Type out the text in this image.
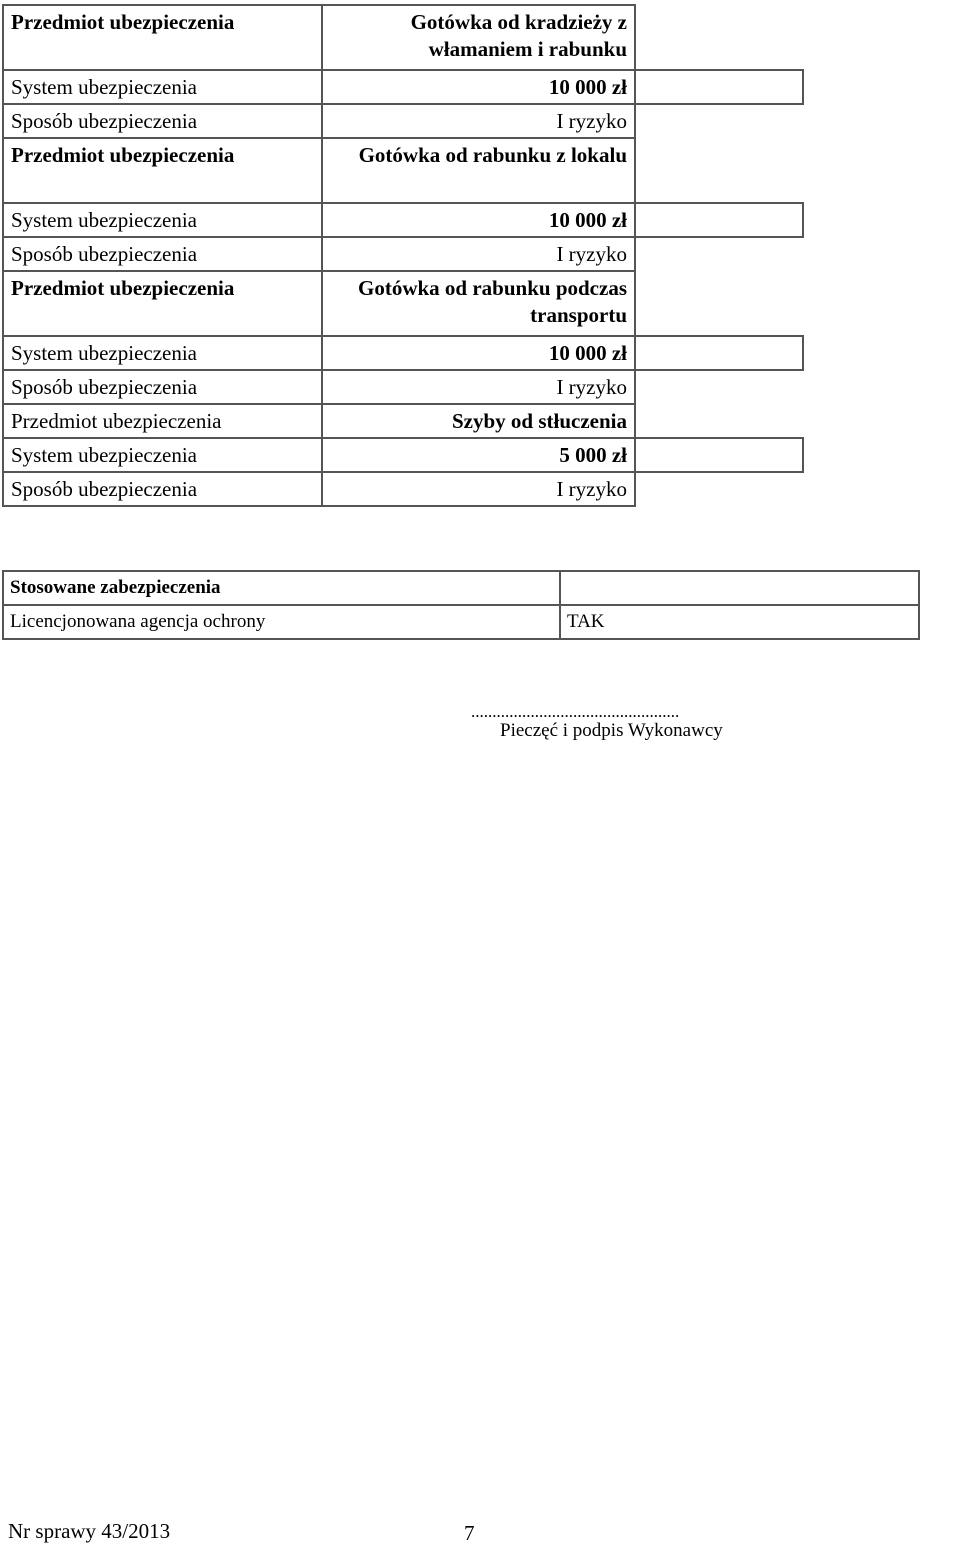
Przedmiot ubezpieczenia	Gotówka od kradzieży z włamaniem i rabunku	
System ubezpieczenia	10 000 zł	
Sposób ubezpieczenia	I ryzyko	
Przedmiot ubezpieczenia	Gotówka od rabunku z lokalu	
System ubezpieczenia	10 000 zł	
Sposób ubezpieczenia	I ryzyko	
Przedmiot ubezpieczenia	Gotówka od rabunku podczas transportu	
System ubezpieczenia	10 000 zł	
Sposób ubezpieczenia	I ryzyko	
Przedmiot ubezpieczenia	Szyby od stłuczenia	
System ubezpieczenia	5 000 zł	
Sposób ubezpieczenia	I ryzyko	
Stosowane zabezpieczenia	
Licencjonowana agencja ochrony	TAK
.................................................
Pieczęć i podpis Wykonawcy
Nr sprawy 43/2013	7
